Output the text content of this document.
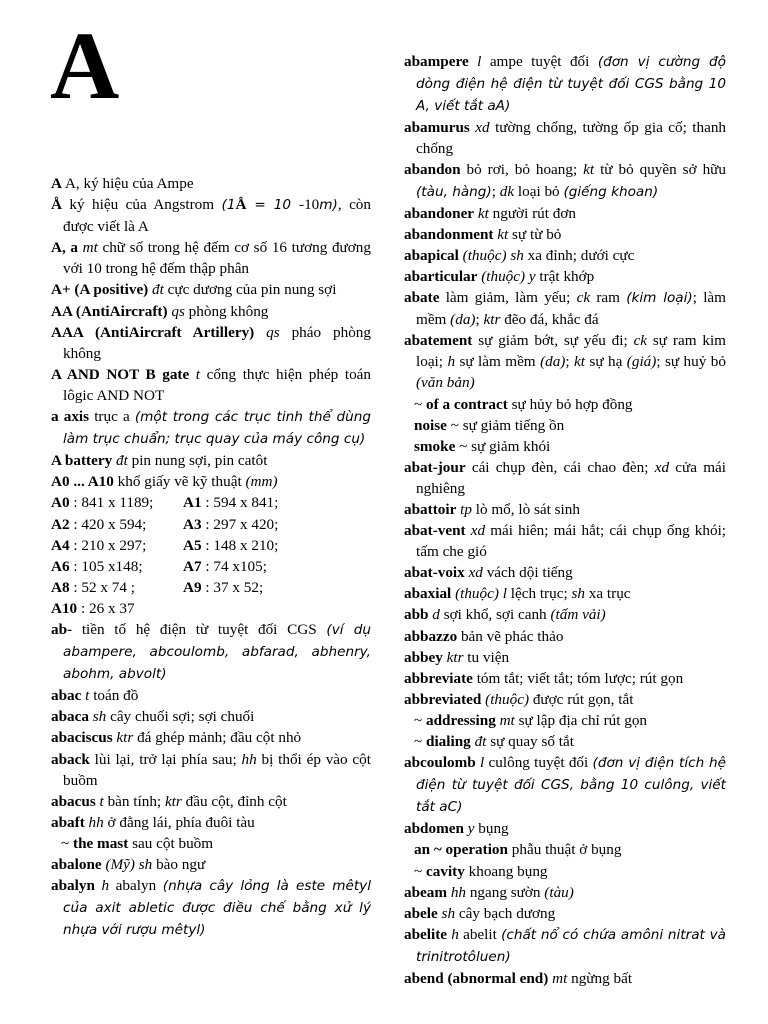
A
A A, ký hiệu của Ampe
Å ký hiệu của Angstrom (1Å = 10 -10m), còn được viết là A
A, a mt chữ số trong hệ đếm cơ số 16 tương đương với 10 trong hệ đếm thập phân
A+ (A positive) đt cực dương của pin nung sợi
AA (AntiAircraft) qs phòng không
AAA (AntiAircraft Artillery) qs pháo phòng không
A AND NOT B gate t cổng thực hiện phép toán lôgic AND NOT
a axis trục a (một trong các trục tinh thể dùng làm trục chuẩn; trục quay của máy công cụ)
A battery đt pin nung sợi, pin catôt
A0 ... A10 khổ giấy vẽ kỹ thuật (mm)
A0 : 841 x 1189;	A1 : 594 x 841;
A2 : 420 x 594;	A3 : 297 x 420;
A4 : 210 x 297;	A5 : 148 x 210;
A6 : 105 x148;	A7 : 74 x105;
A8 : 52 x 74 ;	A9 : 37 x 52;
A10 : 26 x 37
ab- tiền tố hệ điện từ tuyệt đối CGS (ví dụ abampere, abcoulomb, abfarad, abhenry, abohm, abvolt)
abac t toán đồ
abaca sh cây chuối sợi; sợi chuối
abaciscus ktr đá ghép mảnh; đầu cột nhỏ
aback lùi lại, trở lại phía sau; hh bị thổi ép vào cột buồm
abacus t bàn tính; ktr đầu cột, đỉnh cột
abaft hh ở đằng lái, phía đuôi tàu
~ the mast sau cột buồm
abalone (Mỹ) sh bào ngư
abalyn h abalyn (nhựa cây lỏng là este mêtyl của axit abletic được điều chế bằng xử lý nhựa với rượu mêtyl)
abampere l ampe tuyệt đối (đơn vị cường độ dòng điện hệ điện từ tuyệt đối CGS bằng 10 A, viết tắt aA)
abamurus xd tường chống, tường ốp gia cố; thanh chống
abandon bỏ rơi, bỏ hoang; kt từ bỏ quyền sở hữu (tàu, hàng); dk loại bỏ (giếng khoan)
abandoner kt người rút đơn
abandonment kt sự từ bỏ
abapical (thuộc) sh xa đỉnh; dưới cực
abarticular (thuộc) y trật khớp
abate làm giảm, làm yếu; ck ram (kim loại); làm mềm (da); ktr đẽo đá, khắc đá
abatement sự giảm bớt, sự yếu đi; ck sự ram kim loại; h sự làm mềm (da); kt sự hạ (giá); sự huỷ bỏ (văn bản)
~ of a contract sự hủy bỏ hợp đồng
noise ~ sự giảm tiếng ồn
smoke ~ sự giảm khói
abat-jour cái chụp đèn, cái chao đèn; xd cửa mái nghiêng
abattoir tp lò mổ, lò sát sinh
abat-vent xd mái hiên; mái hắt; cái chụp ống khói; tấm che gió
abat-voix xd vách dội tiếng
abaxial (thuộc) l lệch trục; sh xa trục
abb d sợi khổ, sợi canh (tấm vải)
abbazzo bản vẽ phác thảo
abbey ktr tu viện
abbreviate tóm tắt; viết tắt; tóm lược; rút gọn
abbreviated (thuộc) được rút gọn, tắt
~ addressing mt sự lập địa chỉ rút gọn
~ dialing đt sự quay số tắt
abcoulomb l culông tuyệt đối (đơn vị điện tích hệ điện từ tuyệt đối CGS, bằng 10 culông, viết tắt aC)
abdomen y bụng
an ~ operation phẫu thuật ở bụng
~ cavity khoang bụng
abeam hh ngang sườn (tàu)
abele sh cây bạch dương
abelite h abelit (chất nổ có chứa amôni nitrat và trinitrotôluen)
abend (abnormal end) mt ngừng bất
